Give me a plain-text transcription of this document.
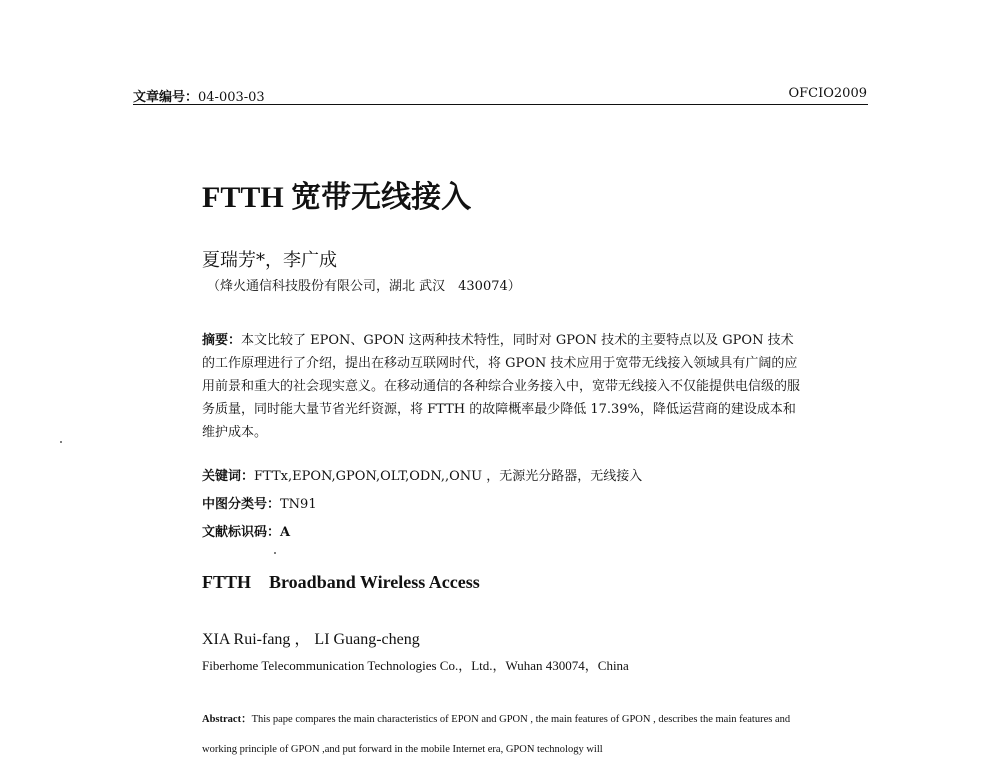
文章编号：04-003-03	OFCIO2009
FTTH 宽带无线接入
夏瑞芳*，李广成
（烽火通信科技股份有限公司，湖北 武汉　430074）
摘要：本文比较了 EPON、GPON 这两种技术特性，同时对 GPON 技术的主要特点以及 GPON 技术的工作原理进行了介绍，提出在移动互联网时代，将 GPON 技术应用于宽带无线接入领域具有广阔的应用前景和重大的社会现实意义。在移动通信的各种综合业务接入中，宽带无线接入不仅能提供电信级的服务质量，同时能大量节省光纤资源，将 FTTH 的故障概率最少降低 17.39%，降低运营商的建设成本和维护成本。
关键词：FTTx,EPON,GPON,OLT,ODN,,ONU ，无源光分路器，无线接入
中图分类号：TN91
文献标识码：A
FTTH Broadband Wireless Access
XIA Rui-fang ， LI Guang-cheng
Fiberhome Telecommunication Technologies Co.，Ltd.，Wuhan 430074，China
Abstract：This pape compares the main characteristics of EPON and GPON , the main features of GPON , describes the main features and working principle of GPON ,and put forward in the mobile Internet era, GPON technology will
